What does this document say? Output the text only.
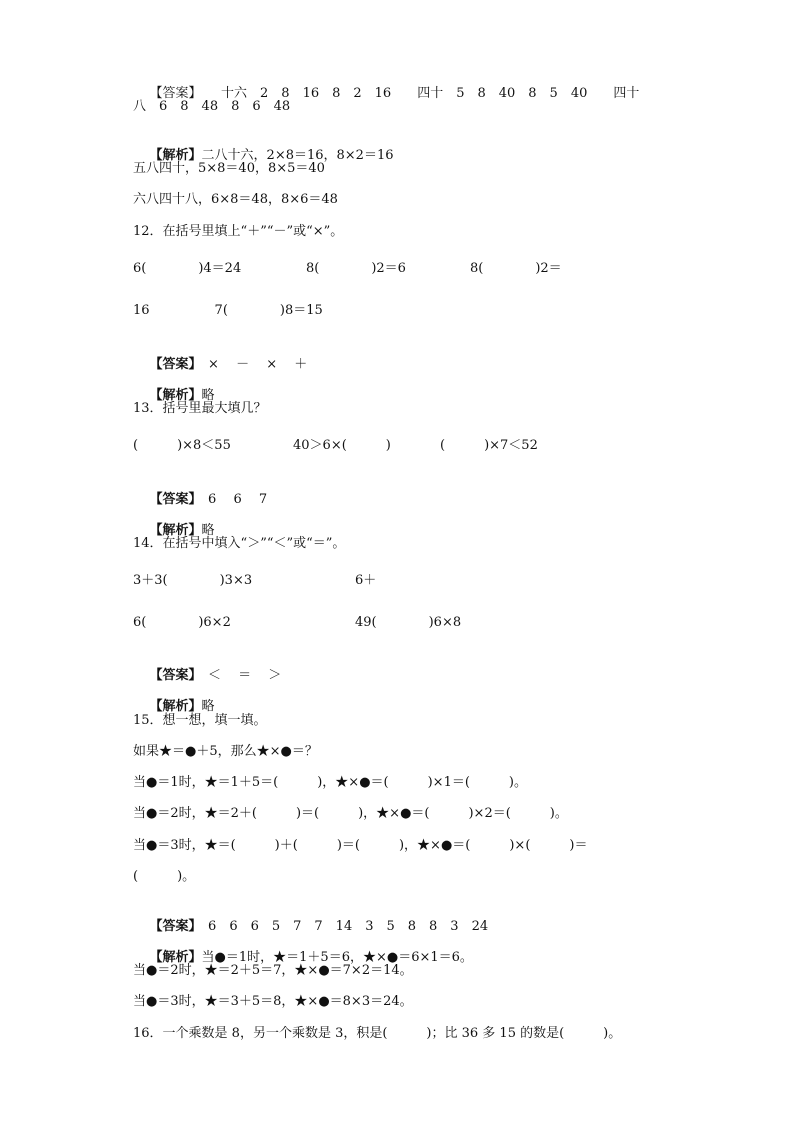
【答案】　　十六　2　8　16　8　2　16　　四十　5　8　40　8　5　40　　四十

八　6　8　48　8　6　48

【解析】二八十六，2×8＝16，8×2＝16

五八四十，5×8＝40，8×5＝40
六八四十八，6×8＝48，8×6＝48
12．在括号里填上“＋”“－”或“×”。
6(　　　　)4＝24	8(　　　　)2＝6	8(　　　　)2＝
16　　　　　7(　　　　)8＝15

【答案】　×　 －　 ×　 ＋

【解析】略

13．括号里最大填几？
(　　　)×8＜55	40＞6×(　　　)	(　　　)×7＜52

【答案】　6　 6　 7

【解析】略

14．在括号中填入“＞”“＜”或“＝”。
3＋3(　　　　)3×3	6＋
6(　　　　)6×2	49(　　　　)6×8

【答案】　＜　 ＝　 ＞

【解析】略

15．想一想，填一填。
如果★＝●＋5，那么★×●＝？
当●＝1时，★＝1＋5＝(　　　)，★×●＝(　　　)×1＝(　　　)。
当●＝2时，★＝2＋(　　　)＝(　　　)，★×●＝(　　　)×2＝(　　　)。
当●＝3时，★＝(　　　)＋(　　　)＝(　　　)，★×●＝(　　　)×(　　　)＝
(　　　)。

【答案】　6　6　6　5　7　7　14　3　5　8　8　3　24

【解析】当●＝1时，★＝1＋5＝6，★×●＝6×1＝6。

当●＝2时，★＝2＋5＝7，★×●＝7×2＝14。
当●＝3时，★＝3＋5＝8，★×●＝8×3＝24。
16．一个乘数是 8，另一个乘数是 3，积是(　　　)；比 36 多 15 的数是(　　　)。
